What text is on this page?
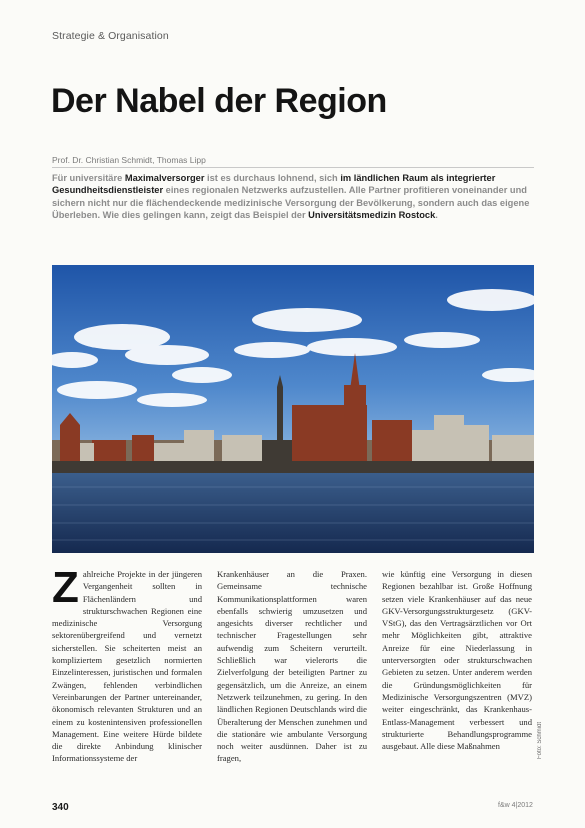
Strategie & Organisation
Der Nabel der Region
Prof. Dr. Christian Schmidt, Thomas Lipp

Für universitäre Maximalversorger ist es durchaus lohnend, sich im ländlichen Raum als integrierter Gesundheitsdienstleister eines regionalen Netzwerks aufzustellen. Alle Partner profitieren voneinander und sichern nicht nur die flächendeckende medizinische Versorgung der Bevölkerung, sondern auch das eigene Überleben. Wie dies gelingen kann, zeigt das Beispiel der Universitätsmedizin Rostock.

Zahlreiche Projekte in der jüngeren Vergangenheit sollten in Flächenländern und strukturschwachen Regionen eine medizinische Versorgung sektorenübergreifend und vernetzt sicherstellen. Sie scheiterten meist an kompliziertem gesetzlich normierten Einzelinteressen, juristischen und formalen Zwängen, fehlenden verbindlichen Vereinbarungen der Partner untereinander, ökonomisch relevanten Strukturen und an einem zu kostenintensiven professionellen Management. Eine weitere Hürde bildete die direkte Anbindung klinischer Informationssysteme der
Krankenhäuser an die Praxen. Gemeinsame technische Kommunikationsplattformen waren ebenfalls schwierig umzusetzen und angesichts diverser rechtlicher und technischer Fragestellungen sehr aufwendig zum Scheitern verurteilt. Schließlich war vielerorts die Zielverfolgung der beteiligten Partner zu gegensätzlich, um die Anreize, an einem Netzwerk teilzunehmen, zu gering. In den ländlichen Regionen Deutschlands wird die Überalterung der Menschen zunehmen und die stationäre wie ambulante Versorgung noch weiter ausdünnen. Daher ist zu fragen,
wie künftig eine Versorgung in diesen Regionen bezahlbar ist. Große Hoffnung setzen viele Krankenhäuser auf das neue GKV-Versorgungsstrukturgesetz (GKV-VStG), das den Vertragsärztlichen vor Ort mehr Möglichkeiten gibt, attraktive Anreize für eine Niederlassung in unterversorgten oder strukturschwachen Gebieten zu setzen. Unter anderem werden die Gründungsmöglichkeiten für Medizinische Versorgungszentren (MVZ) weiter eingeschränkt, das Krankenhaus-Entlass-Management verbessert und strukturierte Behandlungsprogramme ausgebaut. Alle diese Maßnahmen	Foto: Schmidt
340	f&w 4|2012
